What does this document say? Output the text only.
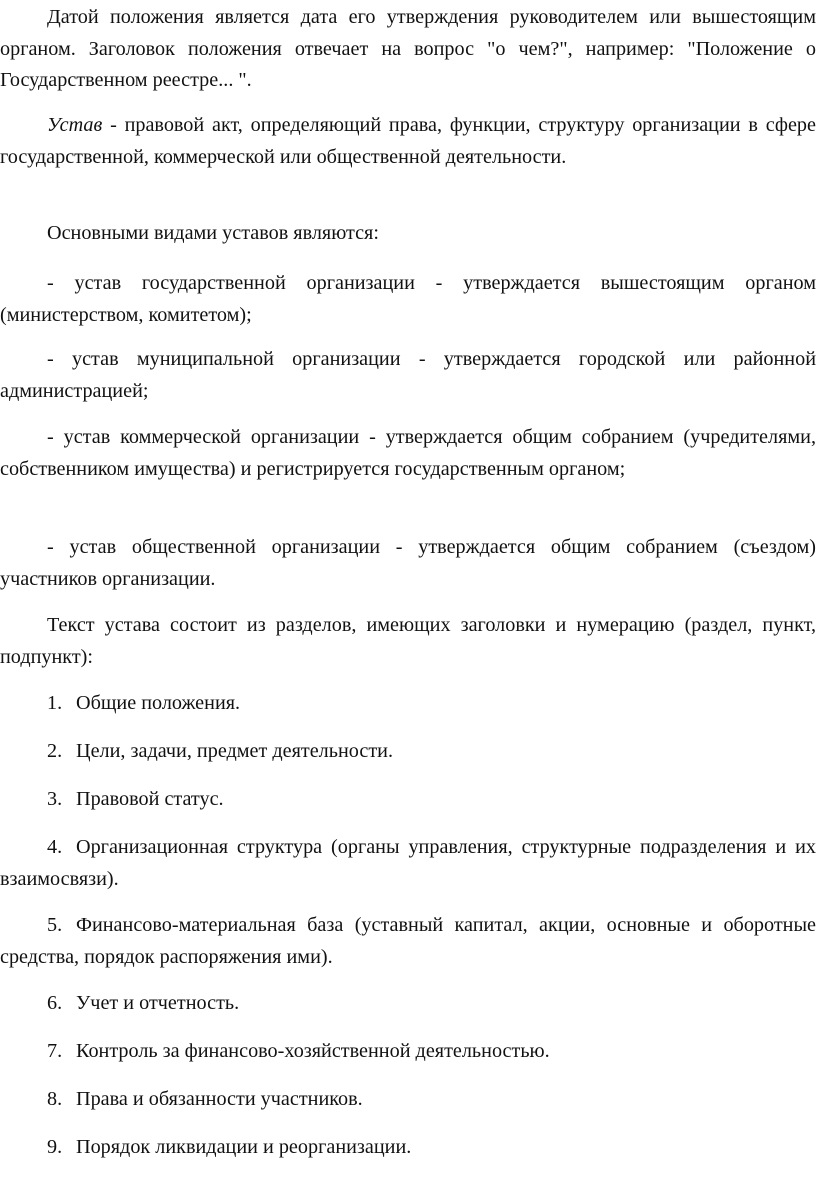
Датой положения является дата его утверждения руководителем или вышестоящим органом. Заголовок положения отвечает на вопрос "о чем?", например: "Положение о Государственном реестре... ".

Устав - правовой акт, определяющий права, функции, структуру организации в сфере государственной, коммерческой или общественной деятельности.

Основными видами уставов являются:

- устав государственной организации - утверждается вышестоящим органом (министерством, комитетом);

- устав муниципальной организации - утверждается городской или районной администрацией;

- устав коммерческой организации - утверждается общим собранием (учредителями, собственником имущества) и регистрируется государственным органом;

- устав общественной организации - утверждается общим собранием (съездом) участников организации.

Текст устава состоит из разделов, имеющих заголовки и нумерацию (раздел, пункт, подпункт):

1. Общие положения.

2. Цели, задачи, предмет деятельности.

3. Правовой статус.

4. Организационная структура (органы управления, структурные подразделения и их взаимосвязи).

5. Финансово-материальная база (уставный капитал, акции, основные и оборотные средства, порядок распоряжения ими).

6. Учет и отчетность.

7. Контроль за финансово-хозяйственной деятельностью.

8. Права и обязанности участников.

9. Порядок ликвидации и реорганизации.
